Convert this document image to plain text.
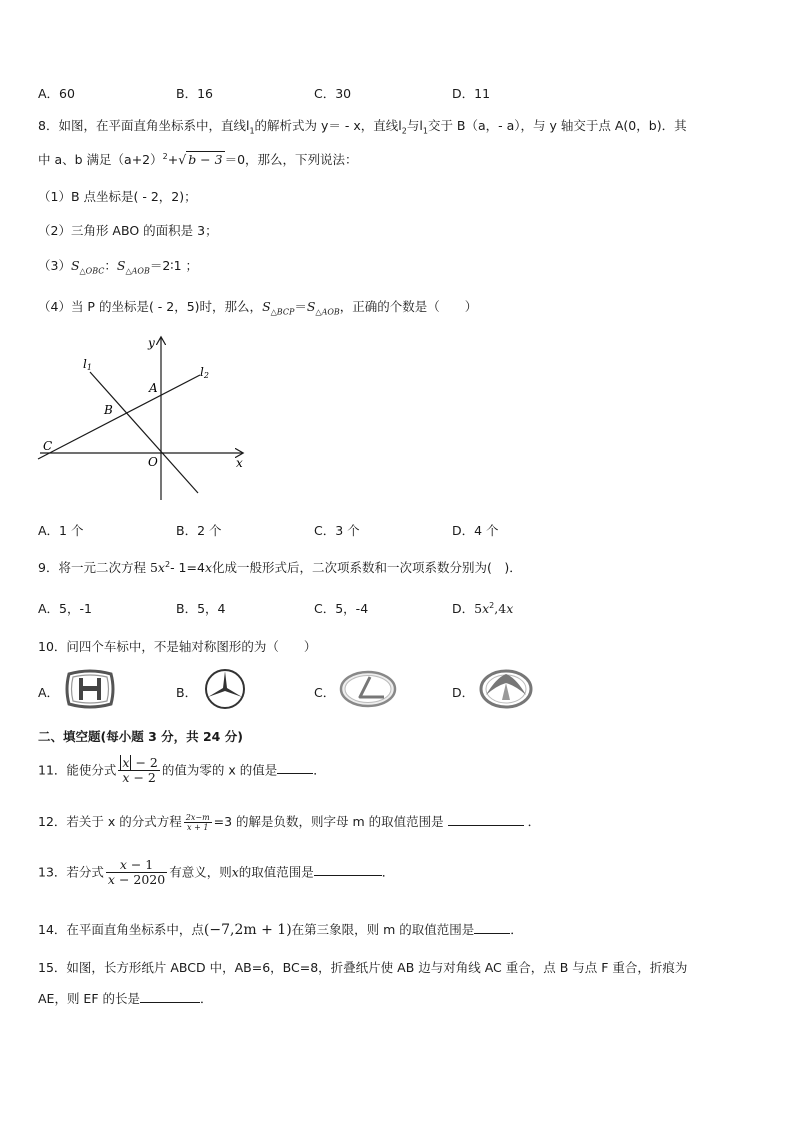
A．60	B．16	C．30	D．11
8．如图，在平面直角坐标系中，直线$l_1$的解析式为 y＝ - x，直线$l_2$与$l_1$交于 B（a，- a），与 y 轴交于点 A(0，b)．其
中 a、b 满足$(a+2)^2+√$ b − 3 ＝0，那么，下列说法：
（1）B 点坐标是( - 2，2)；
（2）三角形 ABO 的面积是 3；
$(3)S_{\triangle OBC}$：$S_{\triangle AOB}=2∶1$ ；
（4）当 P 的坐标是( - 2，5)时，那么，$S_{\triangle BCP}=S_{\triangle AOB}$，正确的个数是（　　）
y
x
O
A
B
C
l1	l2
A．1 个	B．2 个	C．3 个	D．4 个
9．将一元二次方程 $5x^2-$ 1=4x化成一般形式后，二次项系数和一次项系数分别为(　)．
A．5，-1	B．5，4	C．5，-4	D．$5x^2,4x$
10．问四个车标中，不是轴对称图形的为（　　）
A．	B．	C．	D．
二、填空题(每小题 3 分，共 24 分)
11．能使分式 $\frac{x - 2}{x - 2}$ 的值为零的 x 的值是	．
12．若关于 x 的分式方程 $\frac{2x-m}{x + 1} =3$ 的解是负数，则字母 m 的取值范围是	．
13．若分式 $\frac{x - 1}{x - 2020}$ 有意义，则x的取值范围是	．
14．在平面直角坐标系中，点(−7,2m + 1)在第三象限，则 m 的取值范围是	．
15．如图，长方形纸片 ABCD 中，AB=6，BC=8，折叠纸片使 AB 边与对角线 AC 重合，点 B 与点 F 重合，折痕为
AE，则 EF 的长是	．
